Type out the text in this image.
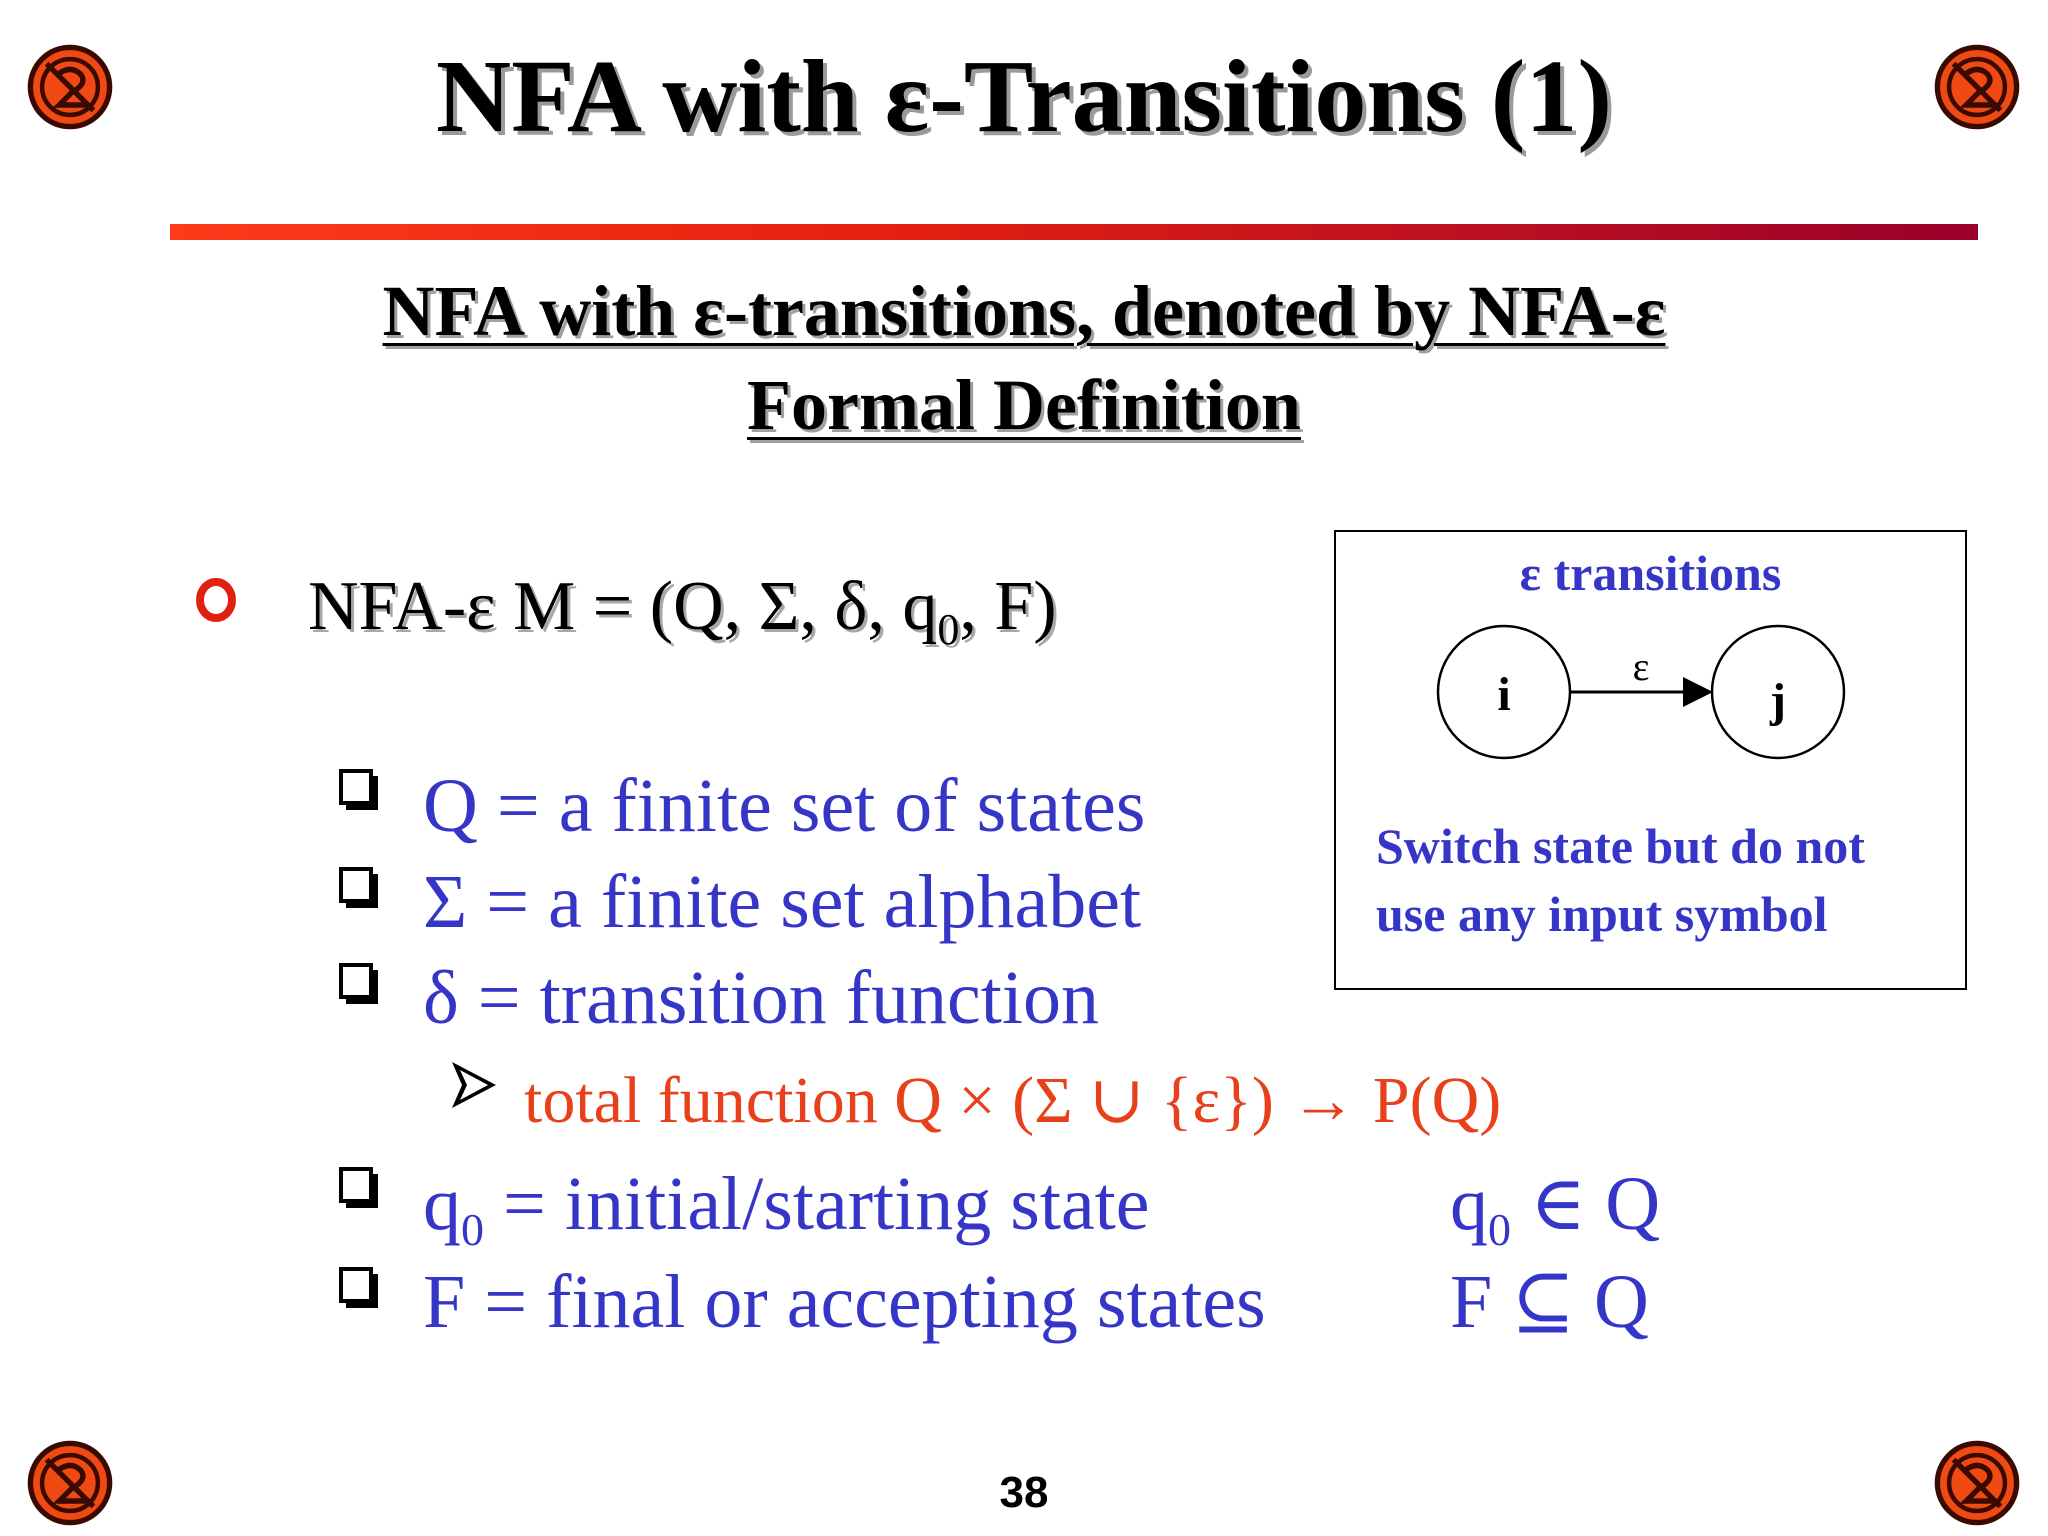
NFA with ε-Transitions (1)
NFA with ε-transitions, denoted by NFA-ε
Formal Definition
NFA-ε M = (Q, Σ, δ, $q_0$, F)
Q = a finite set of states
Σ = a finite set alphabet
δ = transition function
total function Q × (Σ ∪ {ε}) → P(Q)
$q_0$ = initial/starting state	$q_0$ ∈ Q
F = final or accepting states F ⊆ Q
ε transitions
i	j
ε
Switch state but do not
use any input symbol
38
